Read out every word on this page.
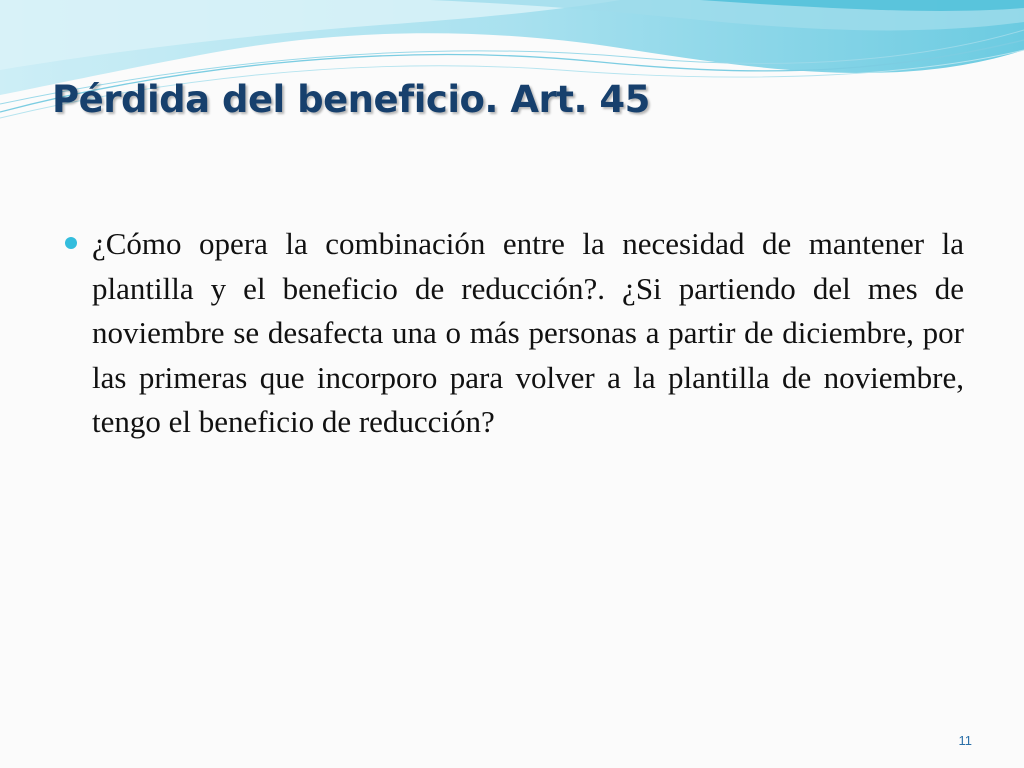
Pérdida del beneficio. Art. 45

¿Cómo opera la combinación entre la necesidad de mantener la plantilla y el beneficio de reducción?. ¿Si partiendo del mes de noviembre se desafecta una o más personas a partir de diciembre, por las primeras que incorporo para volver a la plantilla de noviembre, tengo el beneficio de reducción?

11
